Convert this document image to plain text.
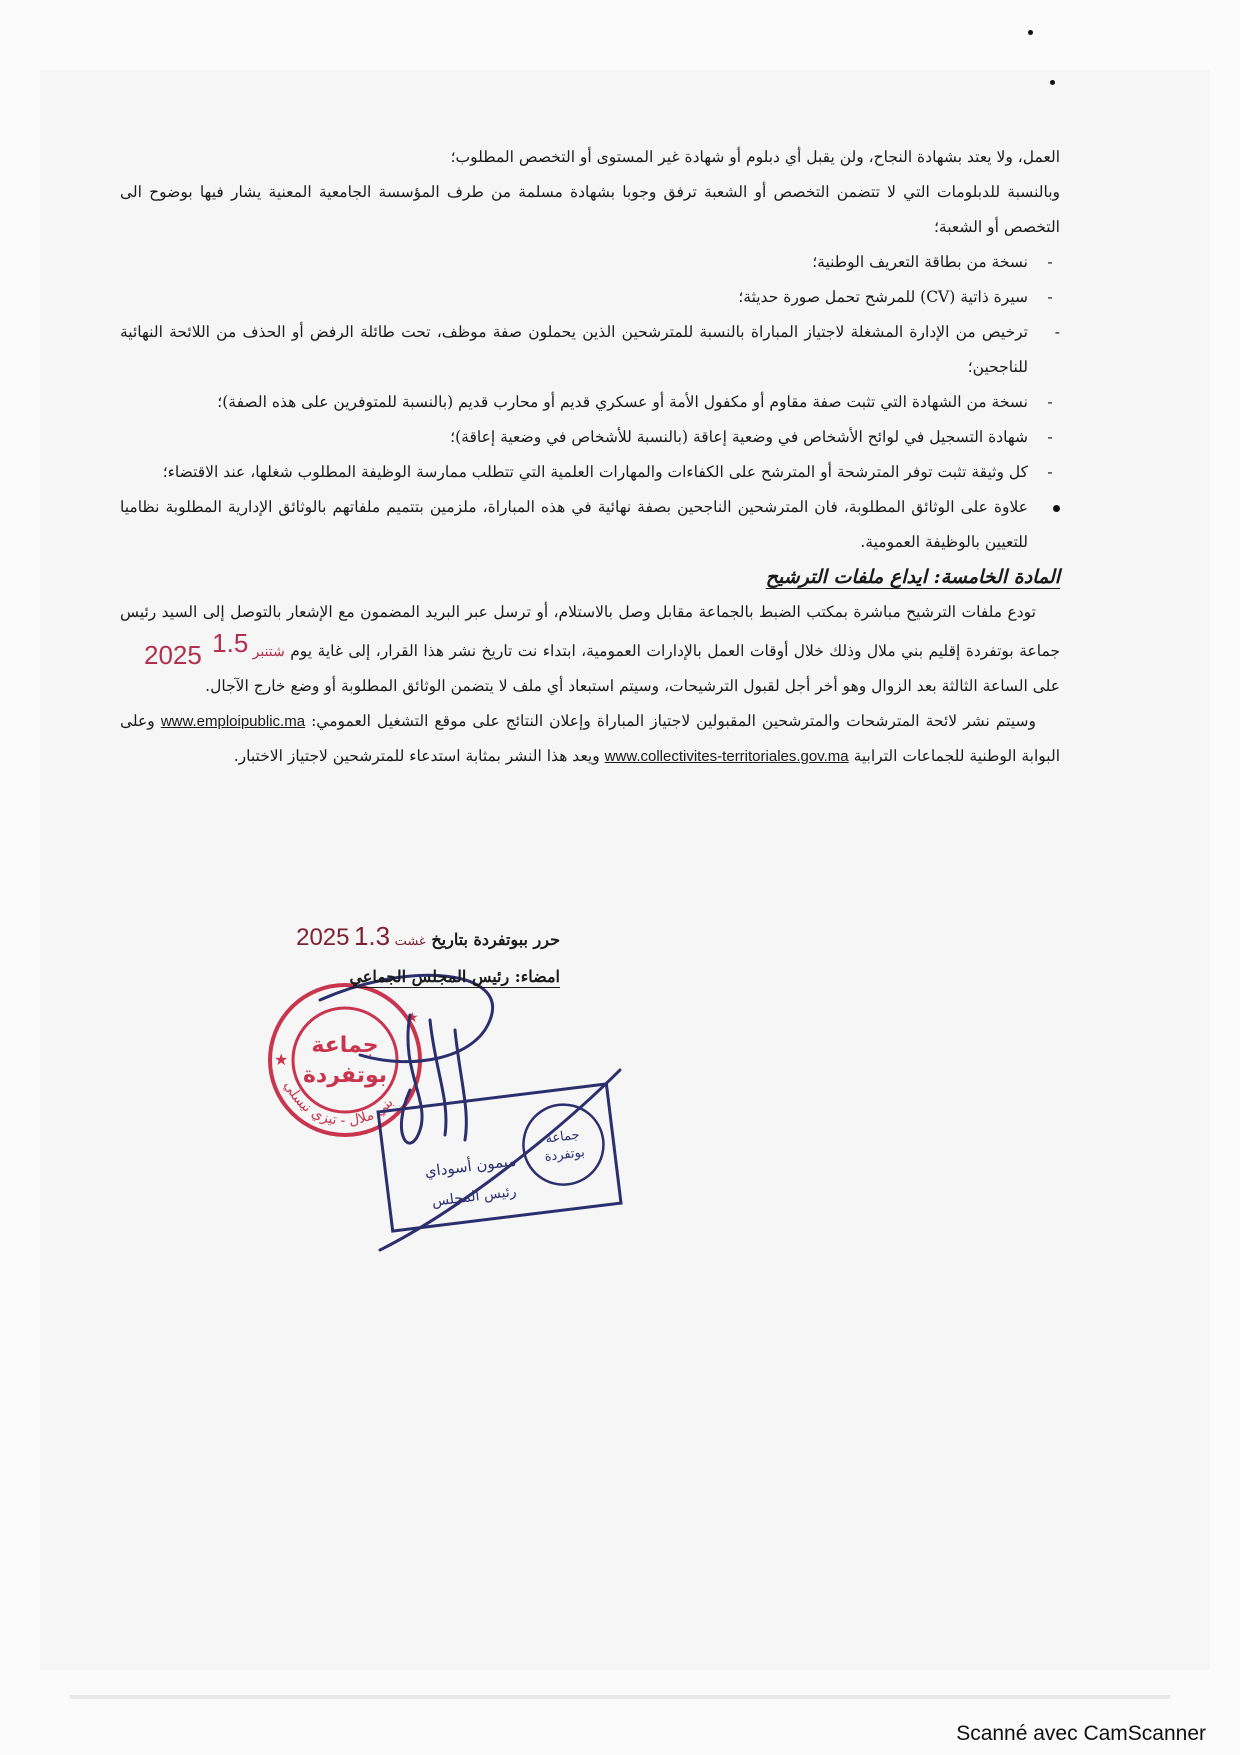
العمل، ولا يعتد بشهادة النجاح، ولن يقبل أي دبلوم أو شهادة غير المستوى أو التخصص المطلوب؛

وبالنسبة للدبلومات التي لا تتضمن التخصص أو الشعبة ترفق وجوبا بشهادة مسلمة من طرف المؤسسة الجامعية المعنية يشار فيها بوضوح الى التخصص أو الشعبة؛

-
نسخة من بطاقة التعريف الوطنية؛
-
سيرة ذاتية (CV) للمرشح تحمل صورة حديثة؛
-
ترخيص من الإدارة المشغلة لاجتياز المباراة بالنسبة للمترشحين الذين يحملون صفة موظف، تحت طائلة الرفض أو الحذف من اللائحة النهائية للناجحين؛
-
نسخة من الشهادة التي تثبت صفة مقاوم أو مكفول الأمة أو عسكري قديم أو محارب قديم (بالنسبة للمتوفرين على هذه الصفة)؛
-
شهادة التسجيل في لوائح الأشخاص في وضعية إعاقة (بالنسبة للأشخاص في وضعية إعاقة)؛
-
كل وثيقة تثبت توفر المترشحة أو المترشح على الكفاءات والمهارات العلمية التي تتطلب ممارسة الوظيفة المطلوب شغلها، عند الاقتضاء؛
علاوة على الوثائق المطلوبة، فان المترشحين الناجحين بصفة نهائية في هذه المباراة، ملزمين بتتميم ملفاتهم بالوثائق الإدارية المطلوبة نظاميا للتعيين بالوظيفة العمومية.

المادة الخامسة: ايداع ملفات الترشيح

تودع ملفات الترشيح مباشرة بمكتب الضبط بالجماعة مقابل وصل بالاستلام، أو ترسل عبر البريد المضمون مع الإشعار بالتوصل إلى السيد رئيس جماعة بوتفردة إقليم بني ملال وذلك خلال أوقات العمل بالإدارات العمومية، ابتداء نت تاريخ نشر هذا القرار، إلى غاية يوم 2025	شتنبر 1.5 على الساعة الثالثة بعد الزوال وهو أخر أجل لقبول الترشيحات، وسيتم استبعاد أي ملف لا يتضمن الوثائق المطلوبة أو وضع خارج الآجال.

وسيتم نشر لائحة المترشحات والمترشحين المقبولين لاجتياز المباراة وإعلان النتائج على موقع التشغيل العمومي: www.emploipublic.ma وعلى البوابة الوطنية للجماعات الترابية www.collectivites-territoriales.gov.ma ويعد هذا النشر بمثابة استدعاء للمترشحين لاجتياز الاختبار.

جماعة
بوتفردة
بني ملال - تيزي نيسلي
★
★
جماعة
بوتفردة
ميمون أسوداي
رئيس المجلس
حرر ببوتفردة بتاريخ 2025	غشت 1.3
امضاء: رئيس المجلس الجماعي
Scanné avec CamScanner
